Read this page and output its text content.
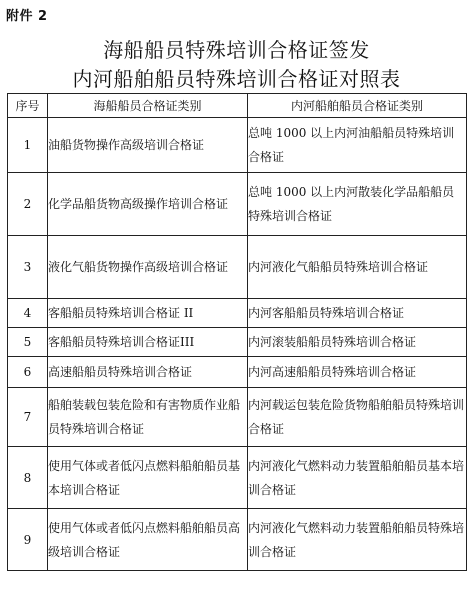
附件 2
海船船员特殊培训合格证签发
内河船舶船员特殊培训合格证对照表
序号	海船船员合格证类别	内河船舶船员合格证类别
1	油船货物操作高级培训合格证	总吨 1000 以上内河油船船员特殊培训合格证
2	化学品船货物高级操作培训合格证	总吨 1000 以上内河散装化学品船船员特殊培训合格证
3	液化气船货物操作高级培训合格证	内河液化气船船员特殊培训合格证
4	客船船员特殊培训合格证 II	内河客船船员特殊培训合格证
5	客船船员特殊培训合格证III	内河滚装船船员特殊培训合格证
6	高速船船员特殊培训合格证	内河高速船船员特殊培训合格证
7	船舶装载包装危险和有害物质作业船员特殊培训合格证	内河载运包装危险货物船舶船员特殊培训合格证
8	使用气体或者低闪点燃料船舶船员基本培训合格证	内河液化气燃料动力装置船舶船员基本培训合格证
9	使用气体或者低闪点燃料船舶船员高级培训合格证	内河液化气燃料动力装置船舶船员特殊培训合格证
